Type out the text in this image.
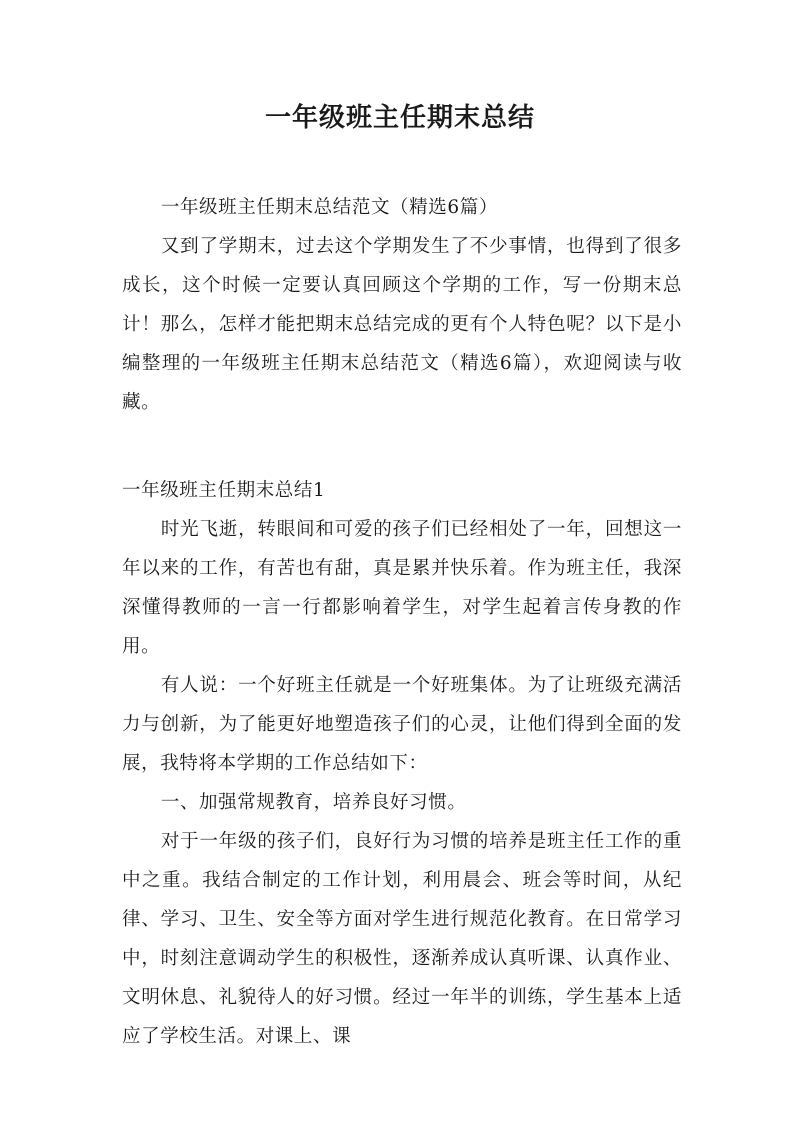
一年级班主任期末总结

一年级班主任期末总结范文（精选6篇）

又到了学期末，过去这个学期发生了不少事情，也得到了很多成长，这个时候一定要认真回顾这个学期的工作，写一份期末总计！那么，怎样才能把期末总结完成的更有个人特色呢？以下是小编整理的一年级班主任期末总结范文（精选6篇），欢迎阅读与收藏。

一年级班主任期末总结1

时光飞逝，转眼间和可爱的孩子们已经相处了一年，回想这一年以来的工作，有苦也有甜，真是累并快乐着。作为班主任，我深深懂得教师的一言一行都影响着学生，对学生起着言传身教的作用。

有人说：一个好班主任就是一个好班集体。为了让班级充满活力与创新，为了能更好地塑造孩子们的心灵，让他们得到全面的发展，我特将本学期的工作总结如下：

一、加强常规教育，培养良好习惯。

对于一年级的孩子们，良好行为习惯的培养是班主任工作的重中之重。我结合制定的工作计划，利用晨会、班会等时间，从纪律、学习、卫生、安全等方面对学生进行规范化教育。在日常学习中，时刻注意调动学生的积极性，逐渐养成认真听课、认真作业、文明休息、礼貌待人的好习惯。经过一年半的训练，学生基本上适应了学校生活。对课上、课
